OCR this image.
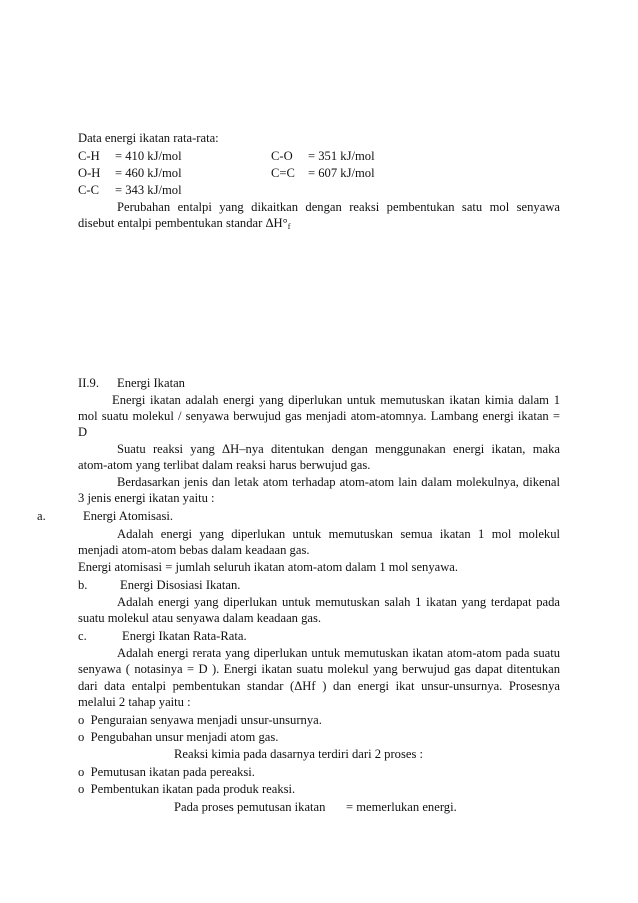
Data energi ikatan rata-rata:
C-H = 410 kJ/mol	C-O = 351 kJ/mol
O-H = 460 kJ/mol	C=C = 607 kJ/mol
C-C = 343 kJ/mol
Perubahan entalpi yang dikaitkan dengan reaksi pembentukan satu mol senyawa
disebut entalpi pembentukan standar $\Delta H^\circ_f$
II.9. Energi Ikatan
Energi ikatan adalah energi yang diperlukan untuk memutuskan ikatan kimia dalam 1
mol suatu molekul / senyawa berwujud gas menjadi atom-atomnya. Lambang energi ikatan =
D
Suatu reaksi yang ΔH–nya ditentukan dengan menggunakan energi ikatan, maka
atom-atom yang terlibat dalam reaksi harus berwujud gas.
Berdasarkan jenis dan letak atom terhadap atom-atom lain dalam molekulnya, dikenal
3 jenis energi ikatan yaitu :
a.	Energi Atomisasi.
Adalah energi yang diperlukan untuk memutuskan semua ikatan 1 mol molekul
menjadi atom-atom bebas dalam keadaan gas.
Energi atomisasi = jumlah seluruh ikatan atom-atom dalam 1 mol senyawa.
b.	Energi Disosiasi Ikatan.
Adalah energi yang diperlukan untuk memutuskan salah 1 ikatan yang terdapat pada
suatu molekul atau senyawa dalam keadaan gas.
c.	Energi Ikatan Rata-Rata.
Adalah energi rerata yang diperlukan untuk memutuskan ikatan atom-atom pada suatu
senyawa ( notasinya = D ). Energi ikatan suatu molekul yang berwujud gas dapat ditentukan
dari data entalpi pembentukan standar (ΔHf ) dan energi ikat unsur-unsurnya. Prosesnya
melalui 2 tahap yaitu :
o  Penguraian senyawa menjadi unsur-unsurnya.
o  Pengubahan unsur menjadi atom gas.
Reaksi kimia pada dasarnya terdiri dari 2 proses :
o  Pemutusan ikatan pada pereaksi.
o  Pembentukan ikatan pada produk reaksi.
Pada proses pemutusan ikatan = memerlukan energi.
